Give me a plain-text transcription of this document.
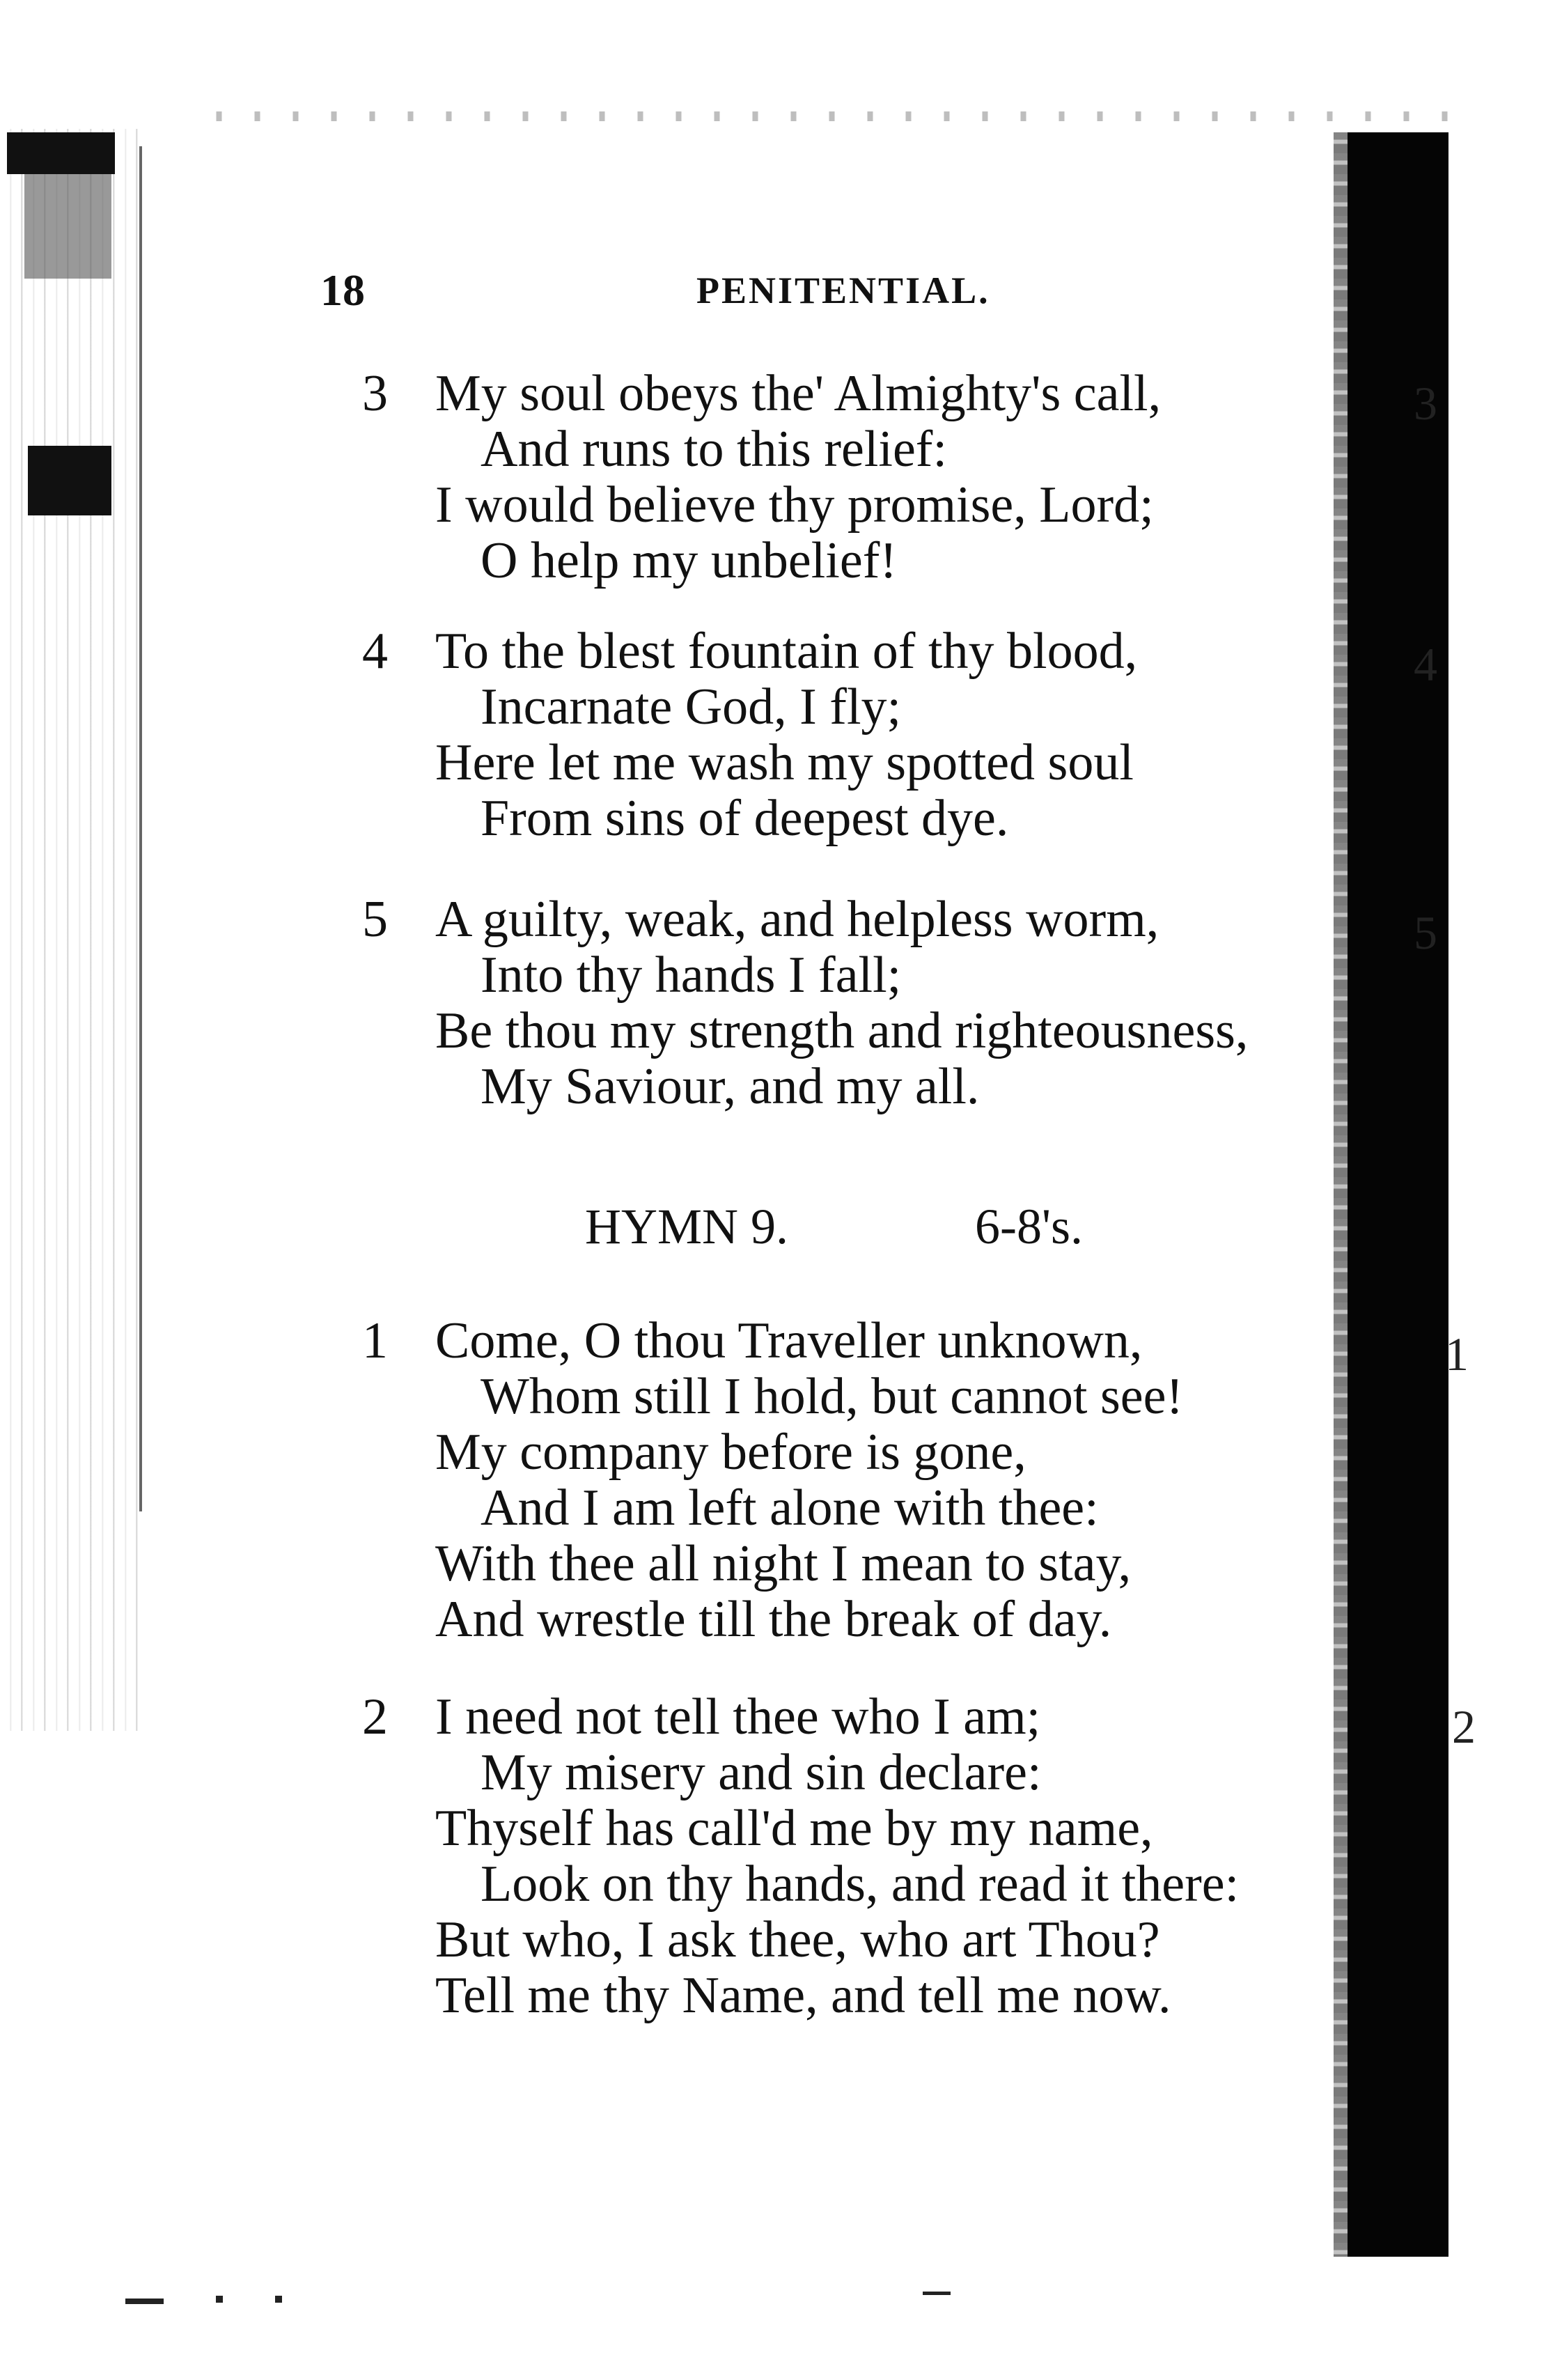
18	PENITENTIAL.
3 My soul obeys the' Almighty's call,
And runs to this relief:
I would believe thy promise, Lord;
O help my unbelief!
4 To the blest fountain of thy blood,
Incarnate God, I fly;
Here let me wash my spotted soul
From sins of deepest dye.
5 A guilty, weak, and helpless worm,
Into thy hands I fall;
Be thou my strength and righteousness,
My Saviour, and my all.
HYMN 9.	6-8's.
1 Come, O thou Traveller unknown,
Whom still I hold, but cannot see!
My company before is gone,
And I am left alone with thee:
With thee all night I mean to stay,
And wrestle till the break of day.
2 I need not tell thee who I am;
My misery and sin declare:
Thyself has call'd me by my name,
Look on thy hands, and read it there:
But who, I ask thee, who art Thou?
Tell me thy Name, and tell me now.
3
4
5
1
2
